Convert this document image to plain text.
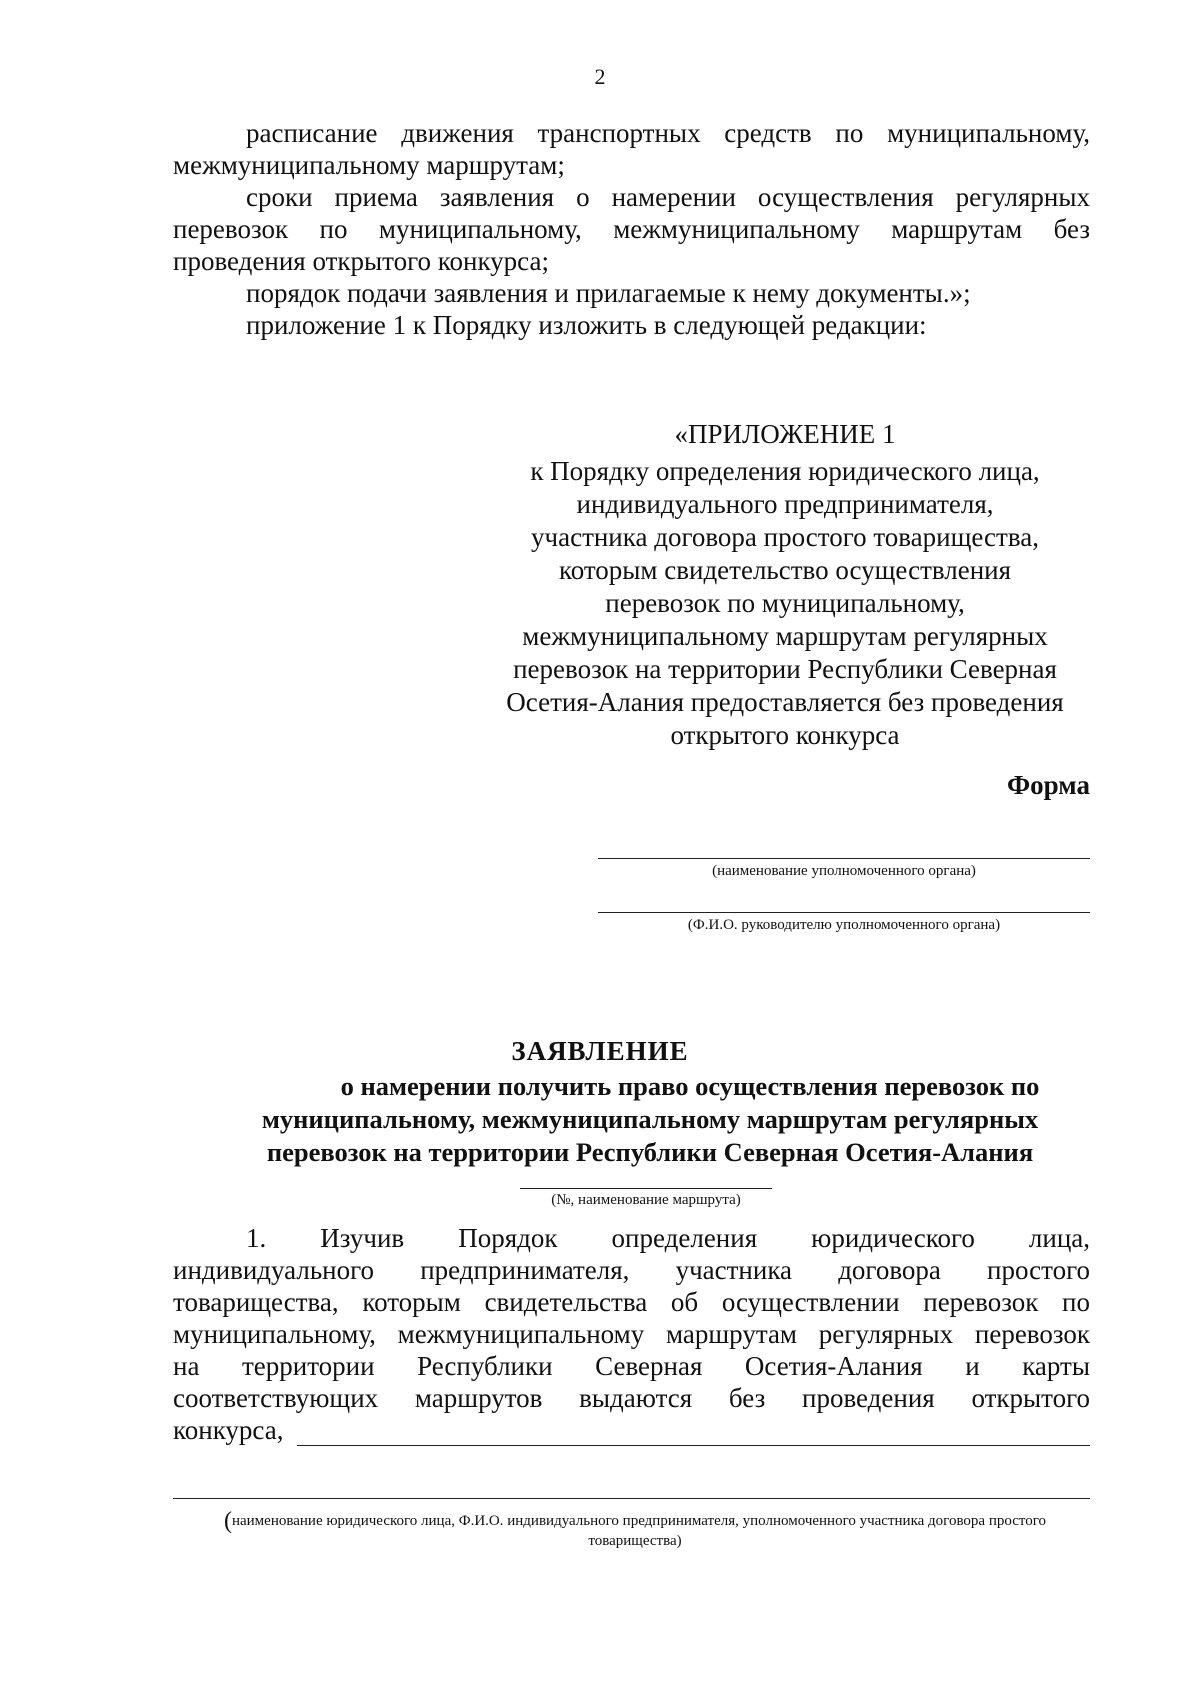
2
расписание движения транспортных средств по муниципальному,
межмуниципальному маршрутам;
сроки приема заявления о намерении осуществления регулярных
перевозок по муниципальному, межмуниципальному маршрутам без
проведения открытого конкурса;
порядок подачи заявления и прилагаемые к нему документы.»;
приложение 1 к Порядку изложить в следующей редакции:
«ПРИЛОЖЕНИЕ 1
к Порядку определения юридического лица,
индивидуального предпринимателя,
участника договора простого товарищества,
которым свидетельство осуществления
перевозок по муниципальному,
межмуниципальному маршрутам регулярных
перевозок на территории Республики Северная
Осетия-Алания предоставляется без проведения
открытого конкурса
Форма
(наименование уполномоченного органа)
(Ф.И.О. руководителю уполномоченного органа)
ЗАЯВЛЕНИЕ
о намерении получить право осуществления перевозок по
муниципальному, межмуниципальному маршрутам регулярных
перевозок на территории Республики Северная Осетия-Алания
(№, наименование маршрута)
1. Изучив Порядок определения юридического лица,
индивидуального предпринимателя, участника договора простого
товарищества, которым свидетельства об осуществлении перевозок по
муниципальному, межмуниципальному маршрутам регулярных перевозок
на территории Республики Северная Осетия-Алания и карты
соответствующих маршрутов выдаются без проведения открытого
конкурса,
(наименование юридического лица, Ф.И.О. индивидуального предпринимателя, уполномоченного участника договора простого
товарищества)
